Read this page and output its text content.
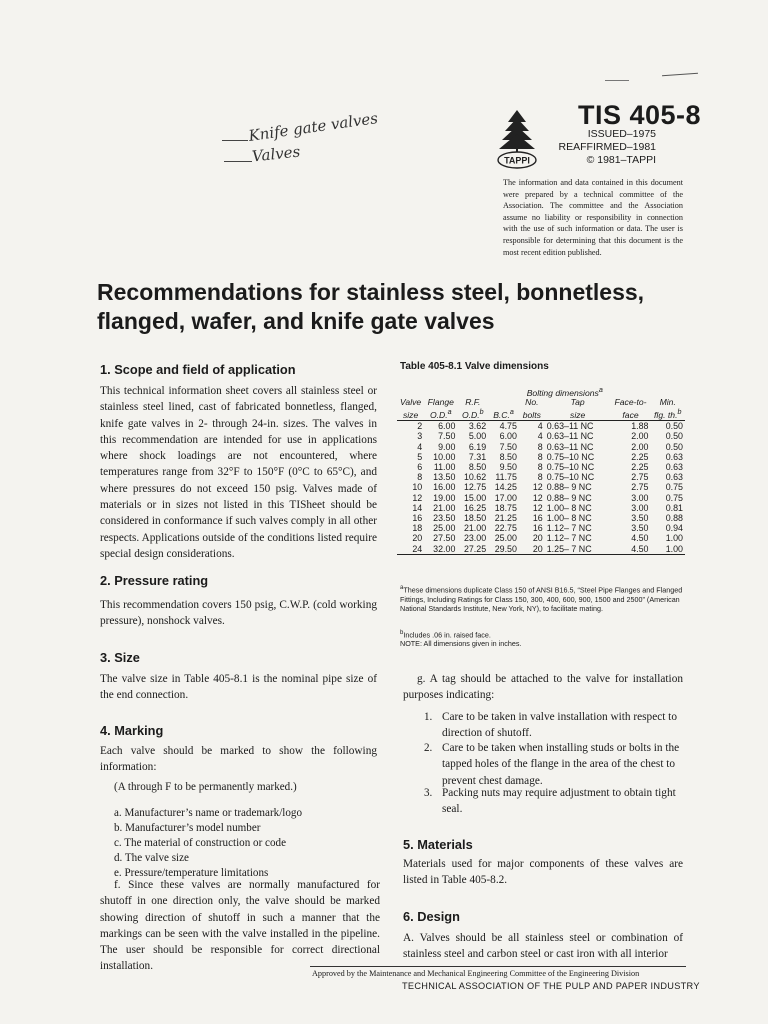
Knife gate valves
Valves	TAPPI
TIS 405-8
ISSUED–1975
REAFFIRMED–1981
© 1981–TAPPI
The information and data contained in this document were prepared by a technical committee of the Association. The committee and the Association assume no liability or responsibility in connection with the use of such information or data. The user is responsible for determining that this document is the most recent edition published.
Recommendations for stainless steel, bonnetless, flanged, wafer, and knife gate valves
1. Scope and field of application
This technical information sheet covers all stainless steel or stainless steel lined, cast of fabricated bonnetless, flanged, knife gate valves in 2- through 24-in. sizes. The valves in this recommendation are intended for use in applications where shock loadings are not encountered, where temperatures range from 32°F to 150°F (0°C to 65°C), and where pressures do not exceed 150 psig. Valves made of materials or in sizes not listed in this TISheet should be considered in conformance if such valves comply in all other respects. Applications outside of the conditions listed require special design considerations.
2. Pressure rating
This recommendation covers 150 psig, C.W.P. (cold working pressure), nonshock valves.
3. Size
The valve size in Table 405-8.1 is the nominal pipe size of the end connection.
4. Marking
Each valve should be marked to show the following information:
(A through F to be permanently marked.)
a. Manufacturer’s name or trademark/logo
b. Manufacturer’s model number
c. The material of construction or code
d. The valve size
e. Pressure/temperature limitations
f. Since these valves are normally manufactured for shutoff in one direction only, the valve should be marked showing direction of shutoff in such a manner that the markings can be seen with the valve installed in the pipeline. The user should be responsible for correct directional installation.
Table 405-8.1 Valve dimensions
				Bolting dimensions$^a$	
Valve	Flange	R.F.		No.	Tap	Face-to-	Min.
size	O.D.$^a$	O.D.$^b$	B.C.$^a$	bolts	size	face	flg. th.$^b$
2	6.00	3.62	4.75	4	0.63–11 NC	1.88	0.50
3	7.50	5.00	6.00	4	0.63–11 NC	2.00	0.50
4	9.00	6.19	7.50	8	0.63–11 NC	2.00	0.50
5	10.00	7.31	8.50	8	0.75–10 NC	2.25	0.63
6	11.00	8.50	9.50	8	0.75–10 NC	2.25	0.63
8	13.50	10.62	11.75	8	0.75–10 NC	2.75	0.63
10	16.00	12.75	14.25	12	0.88– 9 NC	2.75	0.75
12	19.00	15.00	17.00	12	0.88– 9 NC	3.00	0.75
14	21.00	16.25	18.75	12	1.00– 8 NC	3.00	0.81
16	23.50	18.50	21.25	16	1.00– 8 NC	3.50	0.88
18	25.00	21.00	22.75	16	1.12– 7 NC	3.50	0.94
20	27.50	23.00	25.00	20	1.12– 7 NC	4.50	1.00
24	32.00	27.25	29.50	20	1.25– 7 NC	4.50	1.00
$^a$These dimensions duplicate Class 150 of ANSI B16.5, “Steel Pipe Flanges and Flanged Fittings, Including Ratings for Class 150, 300, 400, 600, 900, 1500 and 2500” (American National Standards Institute, New York, NY), to facilitate mating.
$^b$Includes .06 in. raised face.
NOTE: All dimensions given in inches.
g. A tag should be attached to the valve for installation purposes indicating:
1. Care to be taken in valve installation with respect to direction of shutoff.
2. Care to be taken when installing studs or bolts in the tapped holes of the flange in the area of the chest to prevent chest damage.
3. Packing nuts may require adjustment to obtain tight seal.
5. Materials
Materials used for major components of these valves are listed in Table 405-8.2.
6. Design
A. Valves should be all stainless steel or combination of stainless steel and carbon steel or cast iron with all interior
Approved by the Maintenance and Mechanical Engineering Committee of the Engineering Division
TECHNICAL ASSOCIATION OF THE PULP AND PAPER INDUSTRY
